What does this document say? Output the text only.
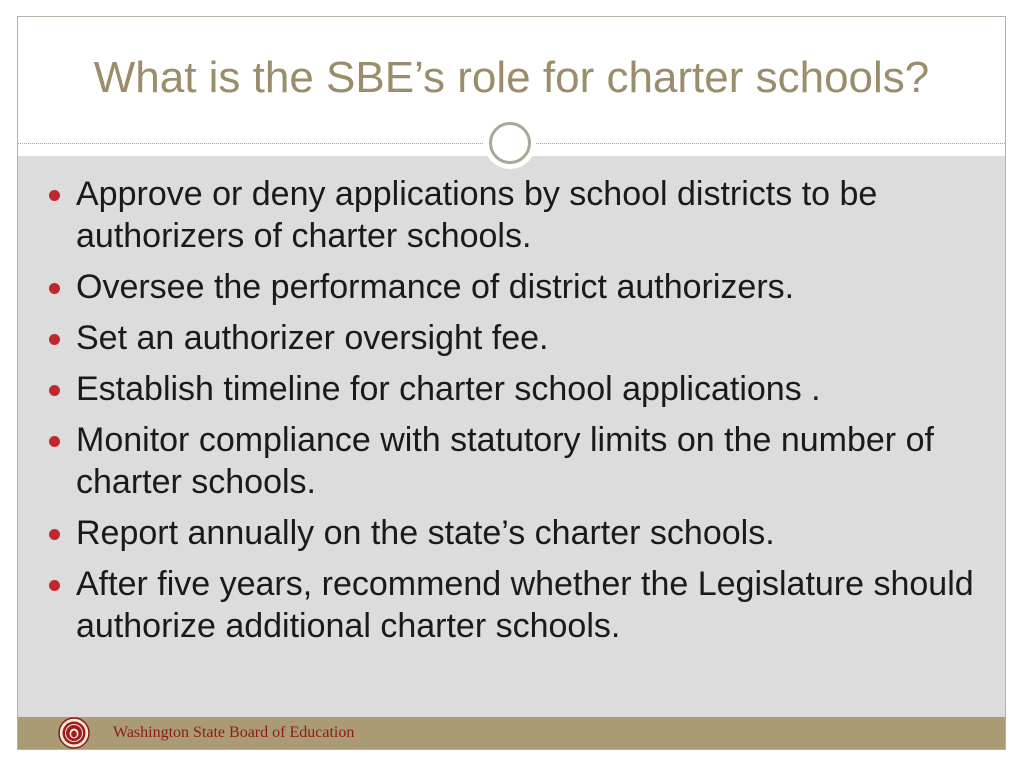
What is the SBE’s role for charter schools?
Approve or deny applications by school districts to be authorizers of charter schools.
Oversee the performance of district authorizers.
Set an authorizer oversight fee.
Establish timeline for charter school applications .
Monitor compliance with statutory limits on the number of charter schools.
Report annually on the state’s charter schools.
After five years, recommend whether the Legislature should authorize additional charter schools.
Washington State Board of Education
